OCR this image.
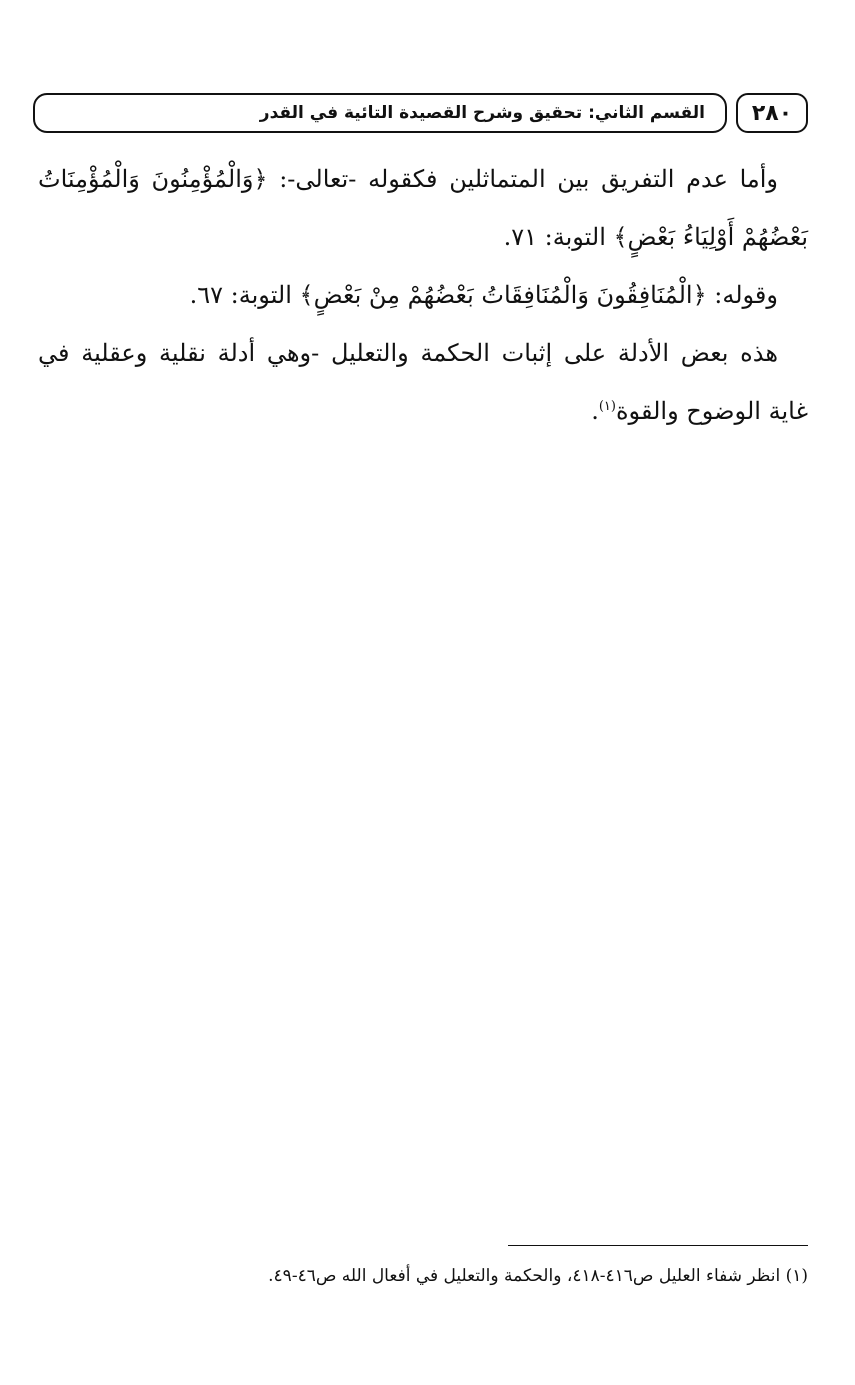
القسم الثاني: تحقيق وشرح القصيدة التائية في القدر ٢٨٠

وأما عدم التفريق بين المتماثلين فكقوله -تعالى-: ﴿وَالْمُؤْمِنُونَ وَالْمُؤْمِنَاتُ بَعْضُهُمْ أَوْلِيَاءُ بَعْضٍ﴾ التوبة: ٧١.

وقوله: ﴿الْمُنَافِقُونَ وَالْمُنَافِقَاتُ بَعْضُهُمْ مِنْ بَعْضٍ﴾ التوبة: ٦٧.

هذه بعض الأدلة على إثبات الحكمة والتعليل -وهي أدلة نقلية وعقلية في غاية الوضوح والقوة$^{(١)}$.

(١) انظر شفاء العليل ص٤١٦-٤١٨، والحكمة والتعليل في أفعال الله ص٤٦-٤٩.
